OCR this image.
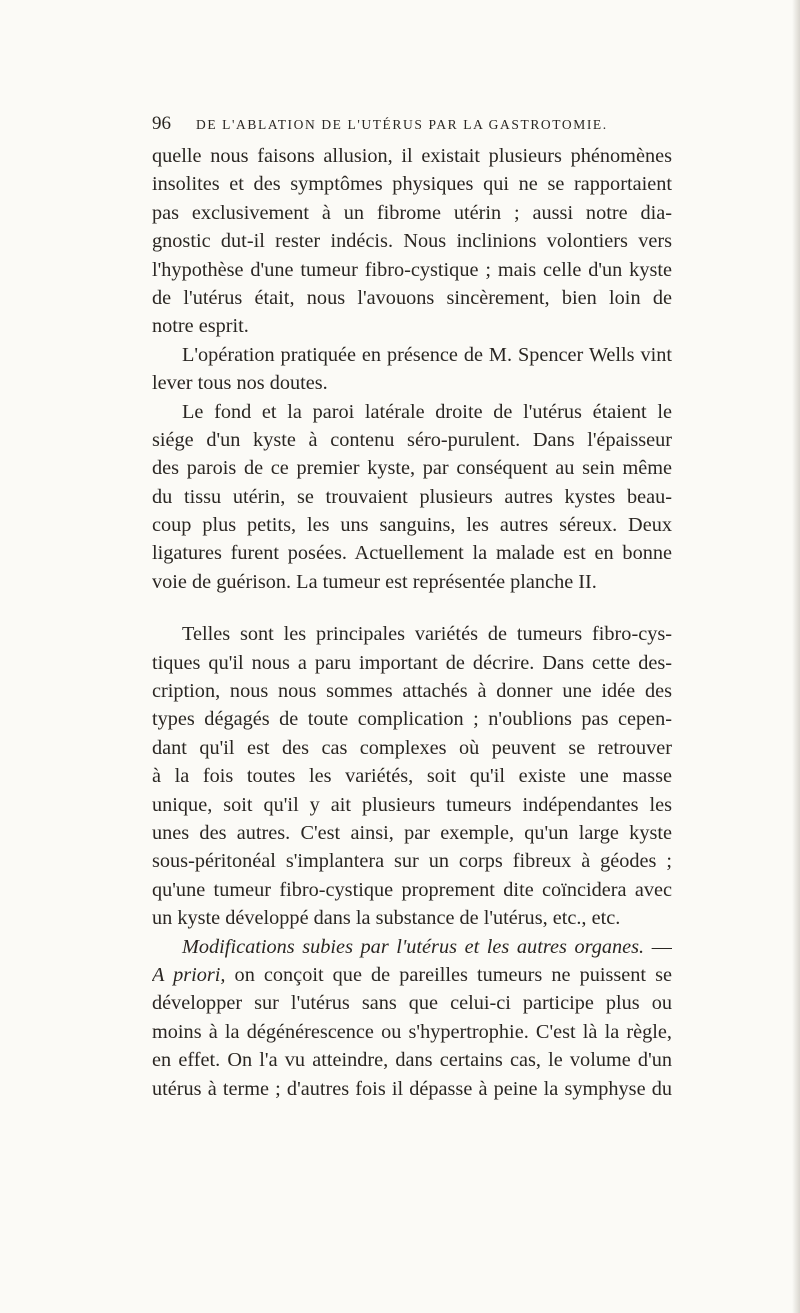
96 DE L'ABLATION DE L'UTÉRUS PAR LA GASTROTOMIE.
quelle nous faisons allusion, il existait plusieurs phénomènes
insolites et des symptômes physiques qui ne se rapportaient
pas exclusivement à un fibrome utérin ; aussi notre dia-
gnostic dut-il rester indécis. Nous inclinions volontiers vers
l'hypothèse d'une tumeur fibro-cystique ; mais celle d'un kyste
de l'utérus était, nous l'avouons sincèrement, bien loin de
notre esprit.
L'opération pratiquée en présence de M. Spencer Wells vint
lever tous nos doutes.
Le fond et la paroi latérale droite de l'utérus étaient le
siége d'un kyste à contenu séro-purulent. Dans l'épaisseur
des parois de ce premier kyste, par conséquent au sein même
du tissu utérin, se trouvaient plusieurs autres kystes beau-
coup plus petits, les uns sanguins, les autres séreux. Deux
ligatures furent posées. Actuellement la malade est en bonne
voie de guérison. La tumeur est représentée planche II.
Telles sont les principales variétés de tumeurs fibro-cys-
tiques qu'il nous a paru important de décrire. Dans cette des-
cription, nous nous sommes attachés à donner une idée des
types dégagés de toute complication ; n'oublions pas cepen-
dant qu'il est des cas complexes où peuvent se retrouver
à la fois toutes les variétés, soit qu'il existe une masse
unique, soit qu'il y ait plusieurs tumeurs indépendantes les
unes des autres. C'est ainsi, par exemple, qu'un large kyste
sous-péritonéal s'implantera sur un corps fibreux à géodes ;
qu'une tumeur fibro-cystique proprement dite coïncidera avec
un kyste développé dans la substance de l'utérus, etc., etc.
Modifications subies par l'utérus et les autres organes. —
A priori, on conçoit que de pareilles tumeurs ne puissent se
développer sur l'utérus sans que celui-ci participe plus ou
moins à la dégénérescence ou s'hypertrophie. C'est là la règle,
en effet. On l'a vu atteindre, dans certains cas, le volume d'un
utérus à terme ; d'autres fois il dépasse à peine la symphyse du
